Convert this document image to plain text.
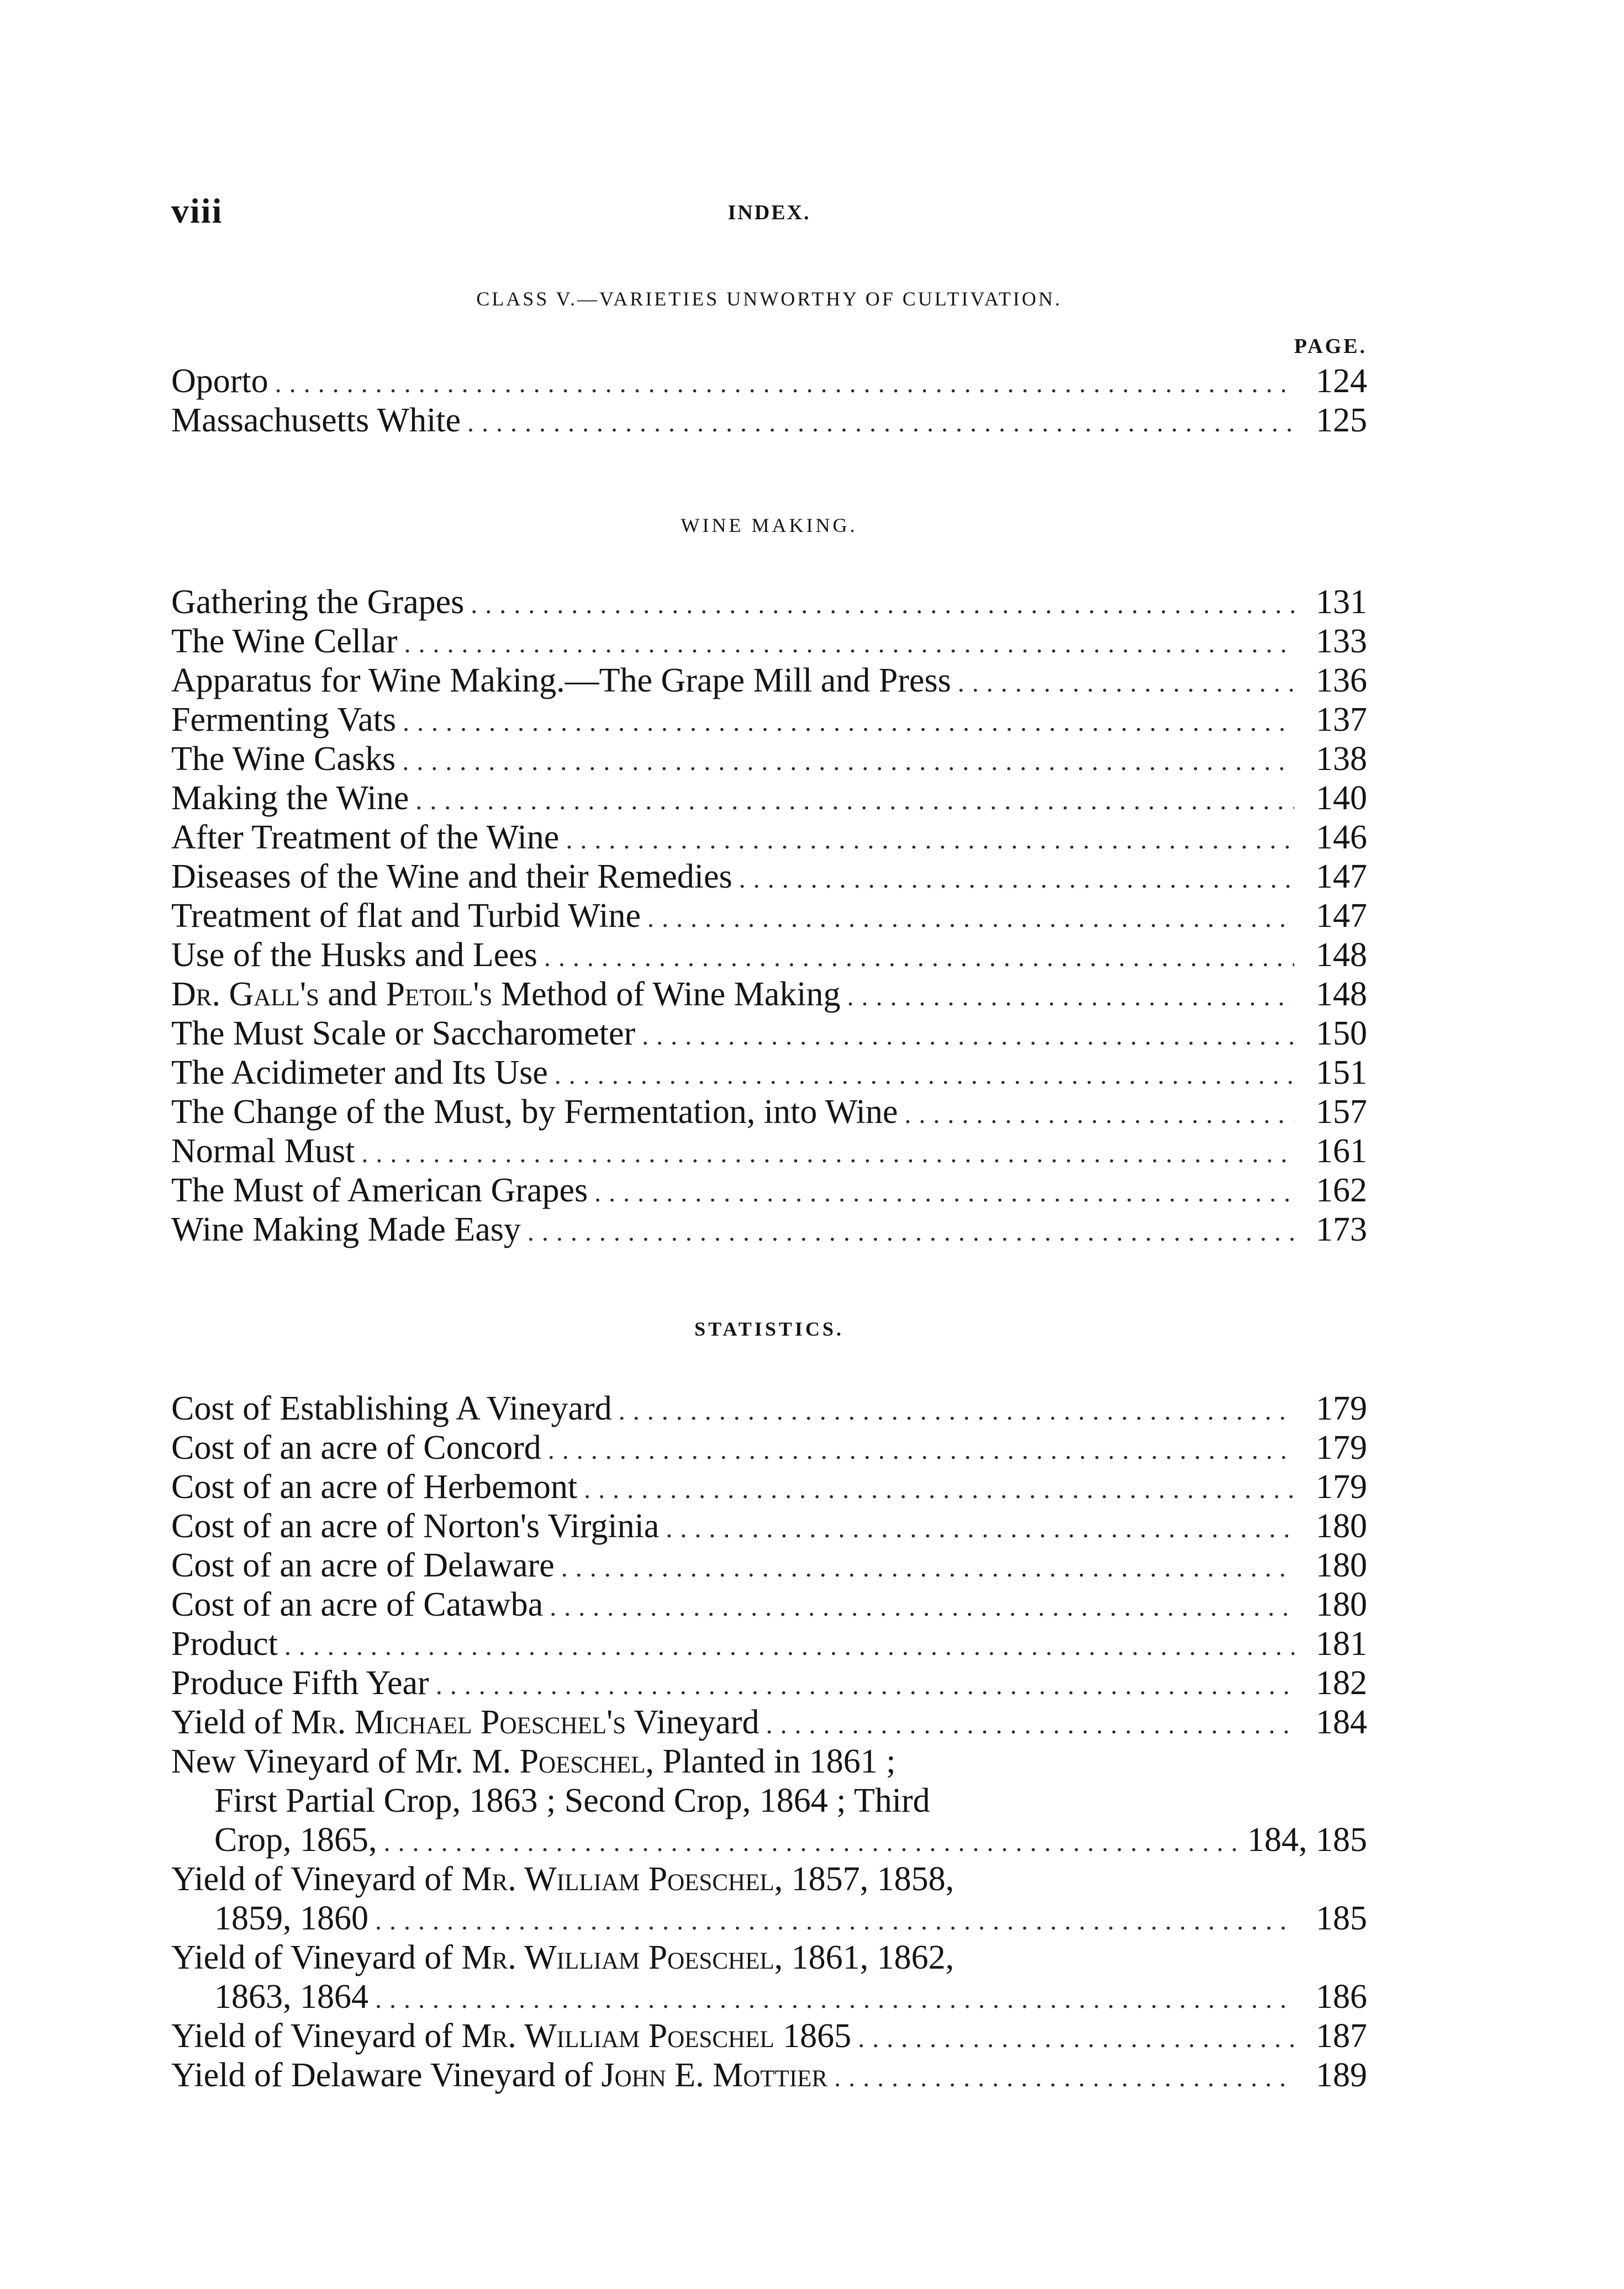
viii	INDEX.
CLASS V.—VARIETIES UNWORTHY OF CULTIVATION.
PAGE.
Oporto .....	124
Massachusetts White .....	125
WINE MAKING.
Gathering the Grapes .....	131
The Wine Cellar .....	133
Apparatus for Wine Making.—The Grape Mill and Press .....	136
Fermenting Vats .....	137
The Wine Casks .....	138
Making the Wine .....	140
After Treatment of the Wine .....	146
Diseases of the Wine and their Remedies .....	147
Treatment of flat and Turbid Wine .....	147
Use of the Husks and Lees .....	148
Dr. Gall's and Petoil's Method of Wine Making .....	148
The Must Scale or Saccharometer .....	150
The Acidimeter and Its Use .....	151
The Change of the Must, by Fermentation, into Wine .....	157
Normal Must .....	161
The Must of American Grapes .....	162
Wine Making Made Easy .....	173
STATISTICS.
Cost of Establishing A Vineyard .....	179
Cost of an acre of Concord .....	179
Cost of an acre of Herbemont .....	179
Cost of an acre of Norton's Virginia .....	180
Cost of an acre of Delaware .....	180
Cost of an acre of Catawba .....	180
Product .....	181
Produce Fifth Year .....	182
Yield of Mr. Michael Poeschel's Vineyard .....	184
New Vineyard of Mr. M. Poeschel, Planted in 1861 ;
First Partial Crop, 1863 ; Second Crop, 1864 ; Third
Crop, 1865, .....	184, 185
Yield of Vineyard of Mr. William Poeschel, 1857, 1858,
1859, 1860 .....	185
Yield of Vineyard of Mr. William Poeschel, 1861, 1862,
1863, 1864 .....	186
Yield of Vineyard of Mr. William Poeschel 1865 .....	187
Yield of Delaware Vineyard of John E. Mottier .....	189
